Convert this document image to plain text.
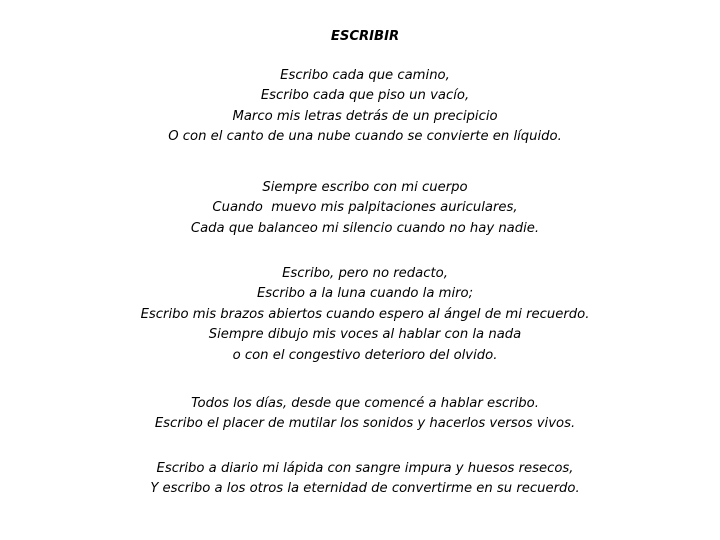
ESCRIBIR
Escribo cada que camino,
Escribo cada que piso un vacío,
Marco mis letras detrás de un precipicio
O con el canto de una nube cuando se convierte en líquido.
Siempre escribo con mi cuerpo
Cuando  muevo mis palpitaciones auriculares,
Cada que balanceo mi silencio cuando no hay nadie.
Escribo, pero no redacto,
Escribo a la luna cuando la miro;
Escribo mis brazos abiertos cuando espero al ángel de mi recuerdo.
Siempre dibujo mis voces al hablar con la nada
o con el congestivo deterioro del olvido.
Todos los días, desde que comencé a hablar escribo.
Escribo el placer de mutilar los sonidos y hacerlos versos vivos.
Escribo a diario mi lápida con sangre impura y huesos resecos,
Y escribo a los otros la eternidad de convertirme en su recuerdo.
